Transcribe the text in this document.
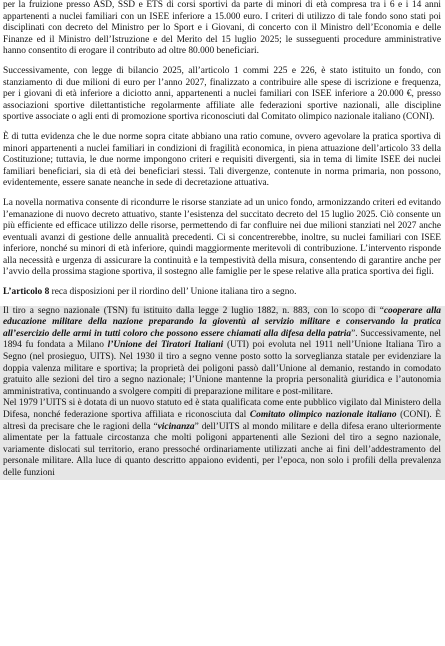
per la fruizione presso ASD, SSD e ETS di corsi sportivi da parte di minori di età compresa tra i 6 e i 14 anni appartenenti a nuclei familiari con un ISEE inferiore a 15.000 euro. I criteri di utilizzo di tale fondo sono stati poi disciplinati con decreto del Ministro per lo Sport e i Giovani, di concerto con il Ministro dell’Economia e delle Finanze ed il Ministro dell’Istruzione e del Merito del 15 luglio 2025; le susseguenti procedure amministrative hanno consentito di erogare il contributo ad oltre 80.000 beneficiari.

Successivamente, con legge di bilancio 2025, all’articolo 1 commi 225 e 226, è stato istituito un fondo, con stanziamento di due milioni di euro per l’anno 2027, finalizzato a contribuire alle spese di iscrizione e frequenza, per i giovani di età inferiore a diciotto anni, appartenenti a nuclei familiari con ISEE inferiore a 20.000 €, presso associazioni sportive dilettantistiche regolarmente affiliate alle federazioni sportive nazionali, alle discipline sportive associate o agli enti di promozione sportiva riconosciuti dal Comitato olimpico nazionale italiano (CONI).

È di tutta evidenza che le due norme sopra citate abbiano una ratio comune, ovvero agevolare la pratica sportiva di minori appartenenti a nuclei familiari in condizioni di fragilità economica, in piena attuazione dell’articolo 33 della Costituzione; tuttavia, le due norme impongono criteri e requisiti divergenti, sia in tema di limite ISEE dei nuclei familiari beneficiari, sia di età dei beneficiari stessi. Tali divergenze, contenute in norma primaria, non possono, evidentemente, essere sanate neanche in sede di decretazione attuativa.

La novella normativa consente di ricondurre le risorse stanziate ad un unico fondo, armonizzando criteri ed evitando l’emanazione di nuovo decreto attuativo, stante l’esistenza del succitato decreto del 15 luglio 2025. Ciò consente un più efficiente ed efficace utilizzo delle risorse, permettendo di far confluire nei due milioni stanziati nel 2027 anche eventuali avanzi di gestione delle annualità precedenti. Ci si concentrerebbe, inoltre, su nuclei familiari con ISEE inferiore, nonché su minori di età inferiore, quindi maggiormente meritevoli di contribuzione. L’intervento risponde alla necessità e urgenza di assicurare la continuità e la tempestività della misura, consentendo di garantire anche per l’avvio della prossima stagione sportiva, il sostegno alle famiglie per le spese relative alla pratica sportiva dei figli.

L’articolo 8 reca disposizioni per il riordino dell’ Unione italiana tiro a segno.

Il tiro a segno nazionale (TSN) fu istituito dalla legge 2 luglio 1882, n. 883, con lo scopo di “cooperare alla educazione militare della nazione preparando la gioventù al servizio militare e conservando la pratica all’esercizio delle armi in tutti coloro che possono essere chiamati alla difesa della patria”. Successivamente, nel 1894 fu fondata a Milano l’Unione dei Tiratori Italiani (UTI) poi evoluta nel 1911 nell’Unione Italiana Tiro a Segno (nel prosieguo, UITS). Nel 1930 il tiro a segno venne posto sotto la sorveglianza statale per evidenziare la doppia valenza militare e sportiva; la proprietà dei poligoni passò dall’Unione al demanio, restando in comodato gratuito alle sezioni del tiro a segno nazionale; l’Unione mantenne la propria personalità giuridica e l’autonomia amministrativa, continuando a svolgere compiti di preparazione militare e post-militare.

Nel 1979 l’UITS si è dotata di un nuovo statuto ed è stata qualificata come ente pubblico vigilato dal Ministero della Difesa, nonché federazione sportiva affiliata e riconosciuta dal Comitato olimpico nazionale italiano (CONI). È altresì da precisare che le ragioni della “vicinanza” dell’UITS al mondo militare e della difesa erano ulteriormente alimentate per la fattuale circostanza che molti poligoni appartenenti alle Sezioni del tiro a segno nazionale, variamente dislocati sul territorio, erano pressoché ordinariamente utilizzati anche ai fini dell’addestramento del personale militare. Alla luce di quanto descritto appaiono evidenti, per l’epoca, non solo i profili della prevalenza delle funzioni
